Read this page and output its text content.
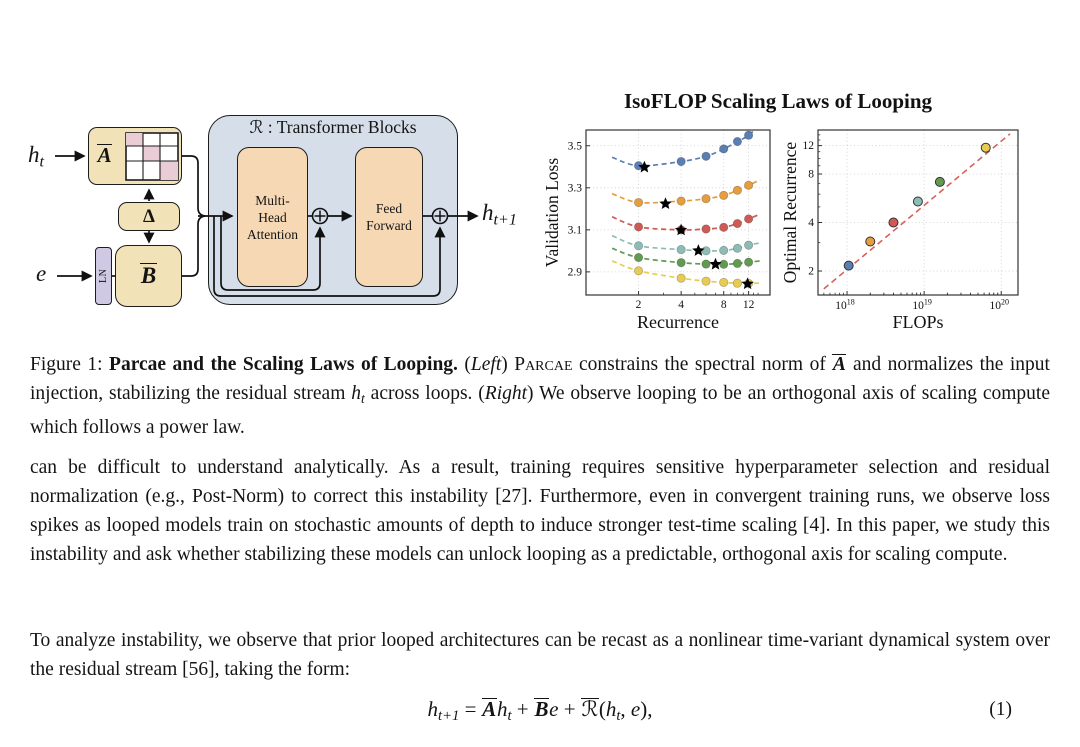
A
Δ
B
LN
ℛ : Transformer Blocks
Multi-
Head
Attention
Feed
Forward
$h_t$
e
$h_{t+1}$
IsoFLOP Scaling Laws of Looping
2	4	8 12
2.9
3.1
3.3
3.5
Recurrence
Validation Loss
$10^{18}$	$10^{19}$	$10^{20}$
2
4
8
12
FLOPs
Optimal Recurrence
Figure 1: Parcae and the Scaling Laws of Looping. (Left) Parcae constrains the spectral norm of A and normalizes the input injection, stabilizing the residual stream $h_t$ across loops. (Right) We observe looping to be an orthogonal axis of scaling compute which follows a power law.
can be difficult to understand analytically. As a result, training requires sensitive hyperparameter selection and residual normalization (e.g., Post-Norm) to correct this instability [27]. Furthermore, even in convergent training runs, we observe loss spikes as looped models train on stochastic amounts of depth to induce stronger test-time scaling [4]. In this paper, we study this instability and ask whether stabilizing these models can unlock looping as a predictable, orthogonal axis for scaling compute.
To analyze instability, we observe that prior looped architectures can be recast as a nonlinear time-variant dynamical system over the residual stream [56], taking the form:
$h_{t+1} = Ah_t + Be$ + $ℛ(h_t$, e),	(1)
